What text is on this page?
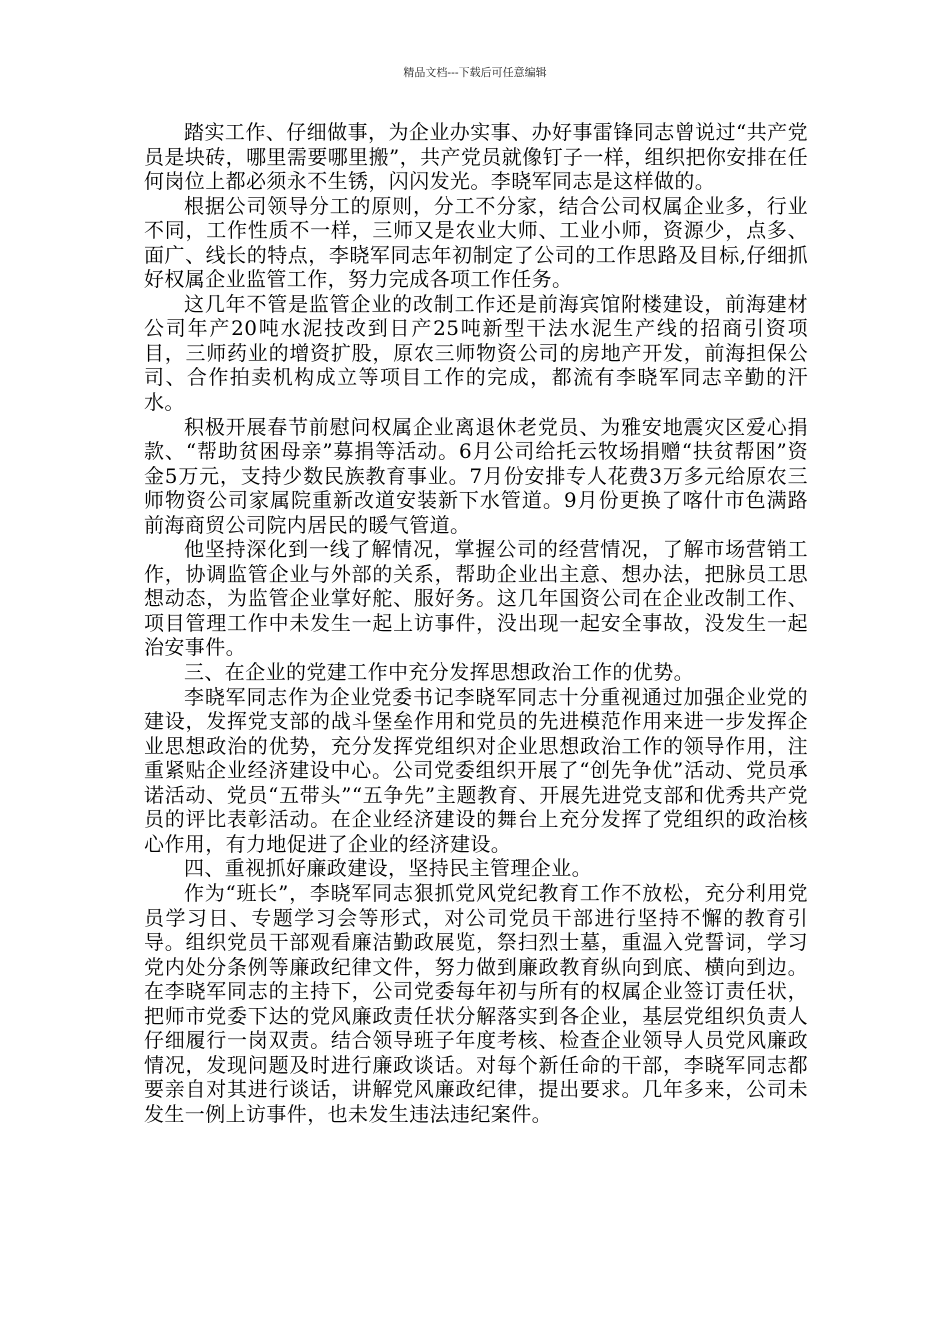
精品文档---下载后可任意编辑

踏实工作、仔细做事，为企业办实事、办好事雷锋同志曾说过“共产党员是块砖，哪里需要哪里搬”，共产党员就像钉子一样，组织把你安排在任何岗位上都必须永不生锈，闪闪发光。李晓军同志是这样做的。

根据公司领导分工的原则，分工不分家，结合公司权属企业多，行业不同，工作性质不一样，三师又是农业大师、工业小师，资源少，点多、面广、线长的特点，李晓军同志年初制定了公司的工作思路及目标,仔细抓好权属企业监管工作，努力完成各项工作任务。

这几年不管是监管企业的改制工作还是前海宾馆附楼建设，前海建材公司年产20吨水泥技改到日产25吨新型干法水泥生产线的招商引资项目，三师药业的增资扩股，原农三师物资公司的房地产开发，前海担保公司、合作拍卖机构成立等项目工作的完成，都流有李晓军同志辛勤的汗水。

积极开展春节前慰问权属企业离退休老党员、为雅安地震灾区爱心捐款、“帮助贫困母亲”募捐等活动。6月公司给托云牧场捐赠“扶贫帮困”资金5万元，支持少数民族教育事业。7月份安排专人花费3万多元给原农三师物资公司家属院重新改道安装新下水管道。9月份更换了喀什市色满路前海商贸公司院内居民的暖气管道。

他坚持深化到一线了解情况，掌握公司的经营情况，了解市场营销工作，协调监管企业与外部的关系，帮助企业出主意、想办法，把脉员工思想动态，为监管企业掌好舵、服好务。这几年国资公司在企业改制工作、项目管理工作中未发生一起上访事件，没出现一起安全事故，没发生一起治安事件。

三、在企业的党建工作中充分发挥思想政治工作的优势。

李晓军同志作为企业党委书记李晓军同志十分重视通过加强企业党的建设，发挥党支部的战斗堡垒作用和党员的先进模范作用来进一步发挥企业思想政治的优势，充分发挥党组织对企业思想政治工作的领导作用，注重紧贴企业经济建设中心。公司党委组织开展了“创先争优”活动、党员承诺活动、党员“五带头”“五争先”主题教育、开展先进党支部和优秀共产党员的评比表彰活动。在企业经济建设的舞台上充分发挥了党组织的政治核心作用，有力地促进了企业的经济建设。

四、重视抓好廉政建设，坚持民主管理企业。

作为“班长”，李晓军同志狠抓党风党纪教育工作不放松，充分利用党员学习日、专题学习会等形式，对公司党员干部进行坚持不懈的教育引导。组织党员干部观看廉洁勤政展览，祭扫烈士墓，重温入党誓词，学习党内处分条例等廉政纪律文件，努力做到廉政教育纵向到底、横向到边。在李晓军同志的主持下，公司党委每年初与所有的权属企业签订责任状，把师市党委下达的党风廉政责任状分解落实到各企业，基层党组织负责人仔细履行一岗双责。结合领导班子年度考核、检查企业领导人员党风廉政情况，发现问题及时进行廉政谈话。对每个新任命的干部，李晓军同志都要亲自对其进行谈话，讲解党风廉政纪律，提出要求。几年多来，公司未发生一例上访事件，也未发生违法违纪案件。
